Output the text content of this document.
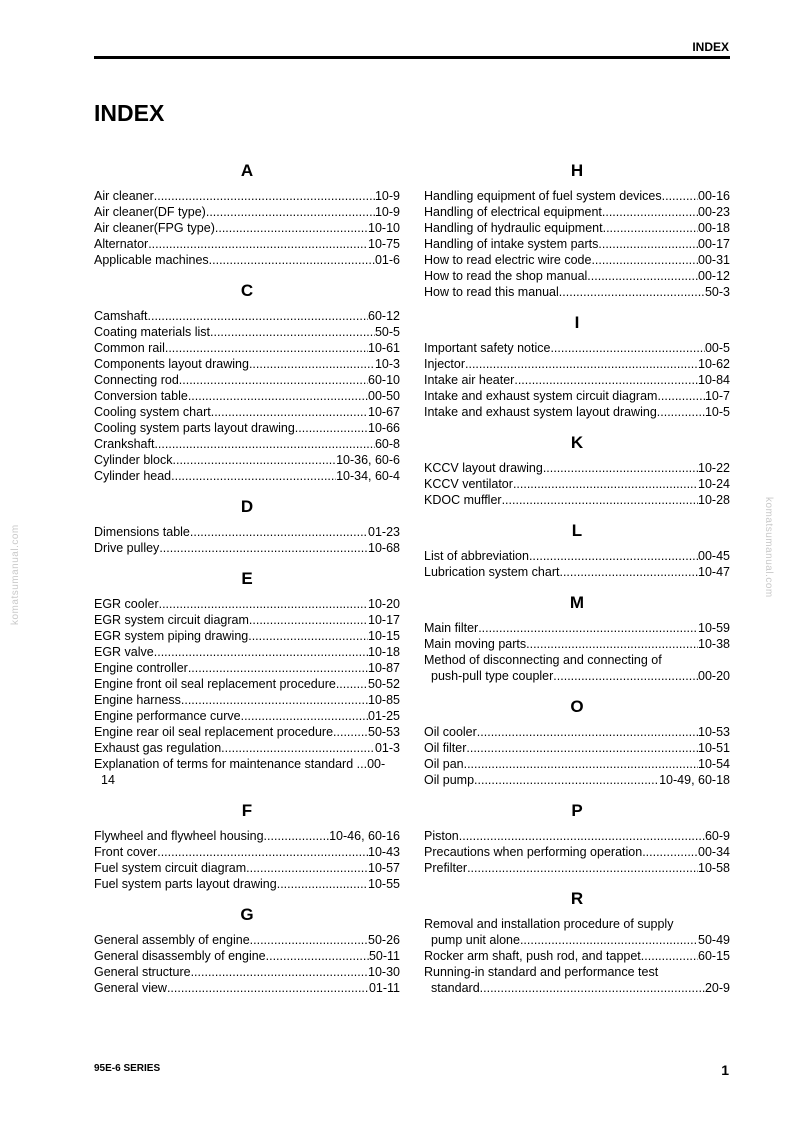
INDEX
INDEX
komatsumanual.com	komatsumanual.com
A
Air cleaner .....	10-9
Air cleaner(DF type) .....	10-9
Air cleaner(FPG type) .....	10-10
Alternator .....	10-75
Applicable machines .....	01-6
C
Camshaft .....	60-12
Coating materials list .....	50-5
Common rail .....	10-61
Components layout drawing .....	10-3
Connecting rod .....	60-10
Conversion table .....	00-50
Cooling system chart .....	10-67
Cooling system parts layout drawing .....	10-66
Crankshaft .....	60-8
Cylinder block .....	10-36, 60-6
Cylinder head .....	10-34, 60-4
D
Dimensions table .....	01-23
Drive pulley .....	10-68
E
EGR cooler .....	10-20
EGR system circuit diagram .....	10-17
EGR system piping drawing .....	10-15
EGR valve .....	10-18
Engine controller .....	10-87
Engine front oil seal replacement procedure .....	50-52
Engine harness .....	10-85
Engine performance curve .....	01-25
Engine rear oil seal replacement procedure .....	50-53
Exhaust gas regulation .....	01-3
Explanation of terms for maintenance standard ...00-
14
F
Flywheel and flywheel housing .....	10-46, 60-16
Front cover .....	10-43
Fuel system circuit diagram .....	10-57
Fuel system parts layout drawing .....	10-55
G
General assembly of engine .....	50-26
General disassembly of engine .....	50-11
General structure .....	10-30
General view .....	01-11
H
Handling equipment of fuel system devices .....	00-16
Handling of electrical equipment .....	00-23
Handling of hydraulic equipment .....	00-18
Handling of intake system parts .....	00-17
How to read electric wire code .....	00-31
How to read the shop manual .....	00-12
How to read this manual .....	50-3
I
Important safety notice .....	00-5
Injector .....	10-62
Intake air heater .....	10-84
Intake and exhaust system circuit diagram .....	10-7
Intake and exhaust system layout drawing .....	10-5
K
KCCV layout drawing .....	10-22
KCCV ventilator .....	10-24
KDOC muffler .....	10-28
L
List of abbreviation .....	00-45
Lubrication system chart .....	10-47
M
Main filter .....	10-59
Main moving parts .....	10-38
Method of disconnecting and connecting of
push-pull type coupler .....	00-20
O
Oil cooler .....	10-53
Oil filter .....	10-51
Oil pan .....	10-54
Oil pump .....	10-49, 60-18
P
Piston .....	60-9
Precautions when performing operation .....	00-34
Prefilter .....	10-58
R
Removal and installation procedure of supply
pump unit alone .....	50-49
Rocker arm shaft, push rod, and tappet .....	60-15
Running-in standard and performance test
standard .....	20-9
95E-6 SERIES	1
